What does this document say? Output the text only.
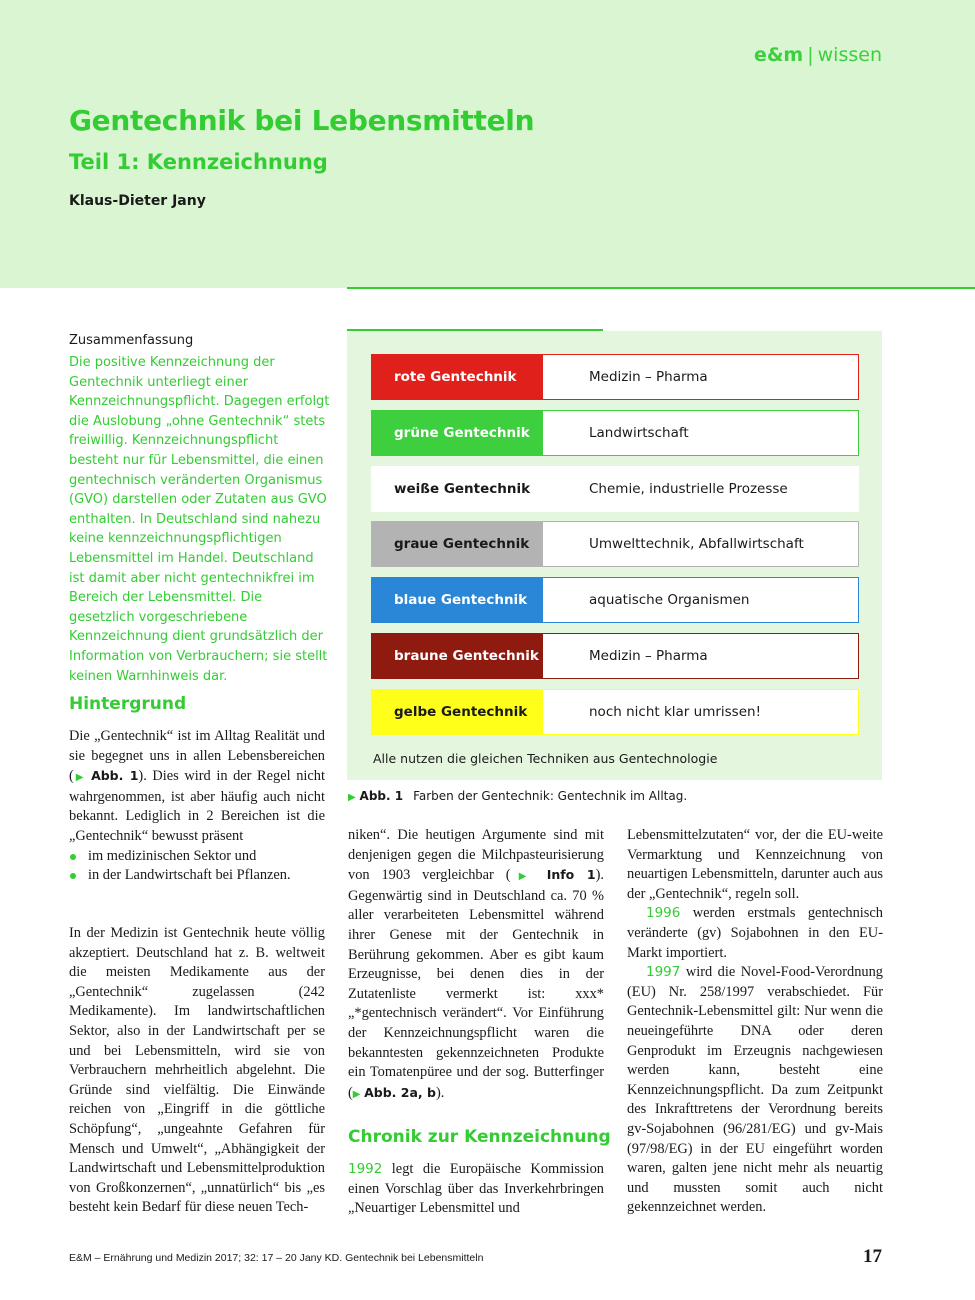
e&m | wissen
Gentechnik bei Lebensmitteln
Teil 1: Kennzeichnung
Klaus-Dieter Jany
Zusammenfassung
Die positive Kennzeichnung der Gentechnik unterliegt einer Kennzeichnungspflicht. Dagegen erfolgt die Auslobung „ohne Gentechnik“ stets freiwillig. Kennzeichnungspflicht besteht nur für Lebensmittel, die einen gentechnisch veränderten Organismus (GVO) darstellen oder Zutaten aus GVO enthalten. In Deutschland sind nahezu keine kennzeichnungspflichtigen Lebensmittel im Handel. Deutschland ist damit aber nicht gentechnikfrei im Bereich der Lebensmittel. Die gesetzlich vorgeschriebene Kennzeichnung dient grundsätzlich der Information von Verbrauchern; sie stellt keinen Warnhinweis dar.
rote Gentechnik	Medizin – Pharma
grüne Gentechnik	Landwirtschaft
weiße Gentechnik	Chemie, industrielle Prozesse
graue Gentechnik	Umwelttechnik, Abfallwirtschaft
blaue Gentechnik	aquatische Organismen
braune Gentechnik	Medizin – Pharma
gelbe Gentechnik	noch nicht klar umrissen!
Alle nutzen die gleichen Techniken aus Gentechnologie
▶ Abb. 1 Farben der Gentechnik: Gentechnik im Alltag.
Hintergrund

Die „Gentechnik“ ist im Alltag Realität und sie begegnet uns in allen Lebensbereichen (▶ Abb. 1). Dies wird in der Regel nicht wahrgenommen, ist aber häufig auch nicht bekannt. Lediglich in 2 Bereichen ist die „Gentechnik“ bewusst präsent

im medizinischen Sektor und

in der Landwirtschaft bei Pflanzen.

In der Medizin ist Gentechnik heute völlig akzeptiert. Deutschland hat z. B. weltweit die meisten Medikamente aus der „Gentechnik“ zugelassen (242 Medikamente). Im landwirtschaftlichen Sektor, also in der Landwirtschaft per se und bei Lebensmitteln, wird sie von Verbrauchern mehrheitlich abgelehnt. Die Gründe sind vielfältig. Die Einwände reichen von „Eingriff in die göttliche Schöpfung“, „ungeahnte Gefahren für Mensch und Umwelt“, „Abhängigkeit der Landwirtschaft und Lebensmittelproduktion von Großkonzernen“, „unnatürlich“ bis „es besteht kein Bedarf für diese neuen Tech-

niken“. Die heutigen Argumente sind mit denjenigen gegen die Milchpasteurisierung von 1903 vergleichbar (▶ Info 1). Gegenwärtig sind in Deutschland ca. 70 % aller verarbeiteten Lebensmittel während ihrer Genese mit der Gentechnik in Berührung gekommen. Aber es gibt kaum Erzeugnisse, bei denen dies in der Zutatenliste vermerkt ist: xxx* „*gentechnisch verändert“. Vor Einführung der Kennzeichnungspflicht waren die bekanntesten gekennzeichneten Produkte ein Tomatenpüree und der sog. Butterfinger (▶ Abb. 2a, b).

Chronik zur Kennzeichnung

1992 legt die Europäische Kommission einen Vorschlag über das Inverkehrbringen „Neuartiger Lebensmittel und

Lebensmittelzutaten“ vor, der die EU-weite Vermarktung und Kennzeichnung von neuartigen Lebensmitteln, darunter auch aus der „Gentechnik“, regeln soll.

1996 werden erstmals gentechnisch veränderte (gv) Sojabohnen in den EU-Markt importiert.

1997 wird die Novel-Food-Verordnung (EU) Nr. 258/1997 verabschiedet. Für Gentechnik-Lebensmittel gilt: Nur wenn die neueingeführte DNA oder deren Genprodukt im Erzeugnis nachgewiesen werden kann, besteht eine Kennzeichnungspflicht. Da zum Zeitpunkt des Inkrafttretens der Verordnung bereits gv-Sojabohnen (96/281/EG) und gv-Mais (97/98/EG) in der EU eingeführt worden waren, galten jene nicht mehr als neuartig und mussten somit auch nicht gekennzeichnet werden.

E&M – Ernährung und Medizin 2017; 32: 17 – 20 Jany KD. Gentechnik bei Lebensmitteln	17
